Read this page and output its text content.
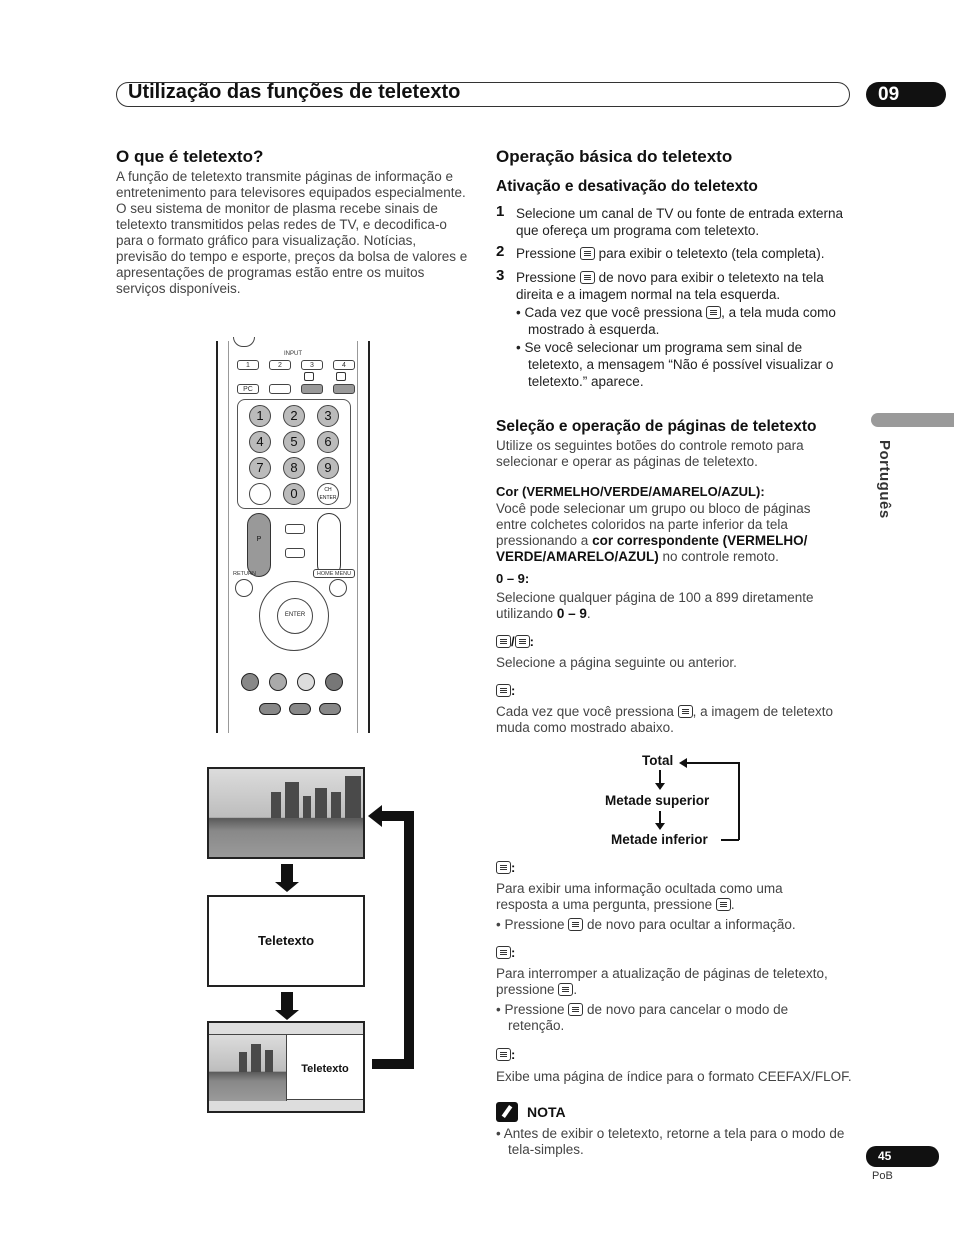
Utilização das funções de teletexto	09
Português
O que é teletexto?

A função de teletexto transmite páginas de informação e entretenimento para televisores equipados especialmente. O seu sistema de monitor de plasma recebe sinais de teletexto transmitidos pelas redes de TV, e decodifica-o para o formato gráfico para visualização. Notícias, previsão do tempo e esporte, preços da bolsa de valores e apresentações de programas estão entre os muitos serviços disponíveis.

INPUT
1	2	3	4
PC
1	2	3
4	5	6
7	8	9
0	CH ENTER
P
RETURN	HOME MENU
ENTER
Teletexto
Teletexto
Operação básica do teletexto
Ativação e desativação do teletexto
1 Selecione um canal de TV ou fonte de entrada externa que ofereça um programa com teletexto.

2 Pressione para exibir o teletexto (tela completa).

3 Pressione de novo para exibir o teletexto na tela direita e a imagem normal na tela esquerda.

• Cada vez que você pressiona , a tela muda como mostrado à esquerda.

• Se você selecionar um programa sem sinal de teletexto, a mensagem “Não é possível visualizar o teletexto.” aparece.

Seleção e operação de páginas de teletexto

Utilize os seguintes botões do controle remoto para selecionar e operar as páginas de teletexto.

Cor (VERMELHO/VERDE/AMARELO/AZUL):

Você pode selecionar um grupo ou bloco de páginas entre colchetes coloridos na parte inferior da tela pressionando a cor correspondente (VERMELHO/ VERDE/AMARELO/AZUL) no controle remoto.

0 – 9:

Selecione qualquer página de 100 a 899 diretamente utilizando 0 – 9.

/ :

Selecione a página seguinte ou anterior.

:

Cada vez que você pressiona , a imagem de teletexto muda como mostrado abaixo.

Total
Metade superior
Metade inferior

:

Para exibir uma informação ocultada como uma resposta a uma pergunta, pressione .

• Pressione de novo para ocultar a informação.

:

Para interromper a atualização de páginas de teletexto, pressione .

• Pressione de novo para cancelar o modo de retenção.

:

Exibe uma página de índice para o formato CEEFAX/FLOF.

NOTA

• Antes de exibir o teletexto, retorne a tela para o modo de tela-simples.	45
PoB
